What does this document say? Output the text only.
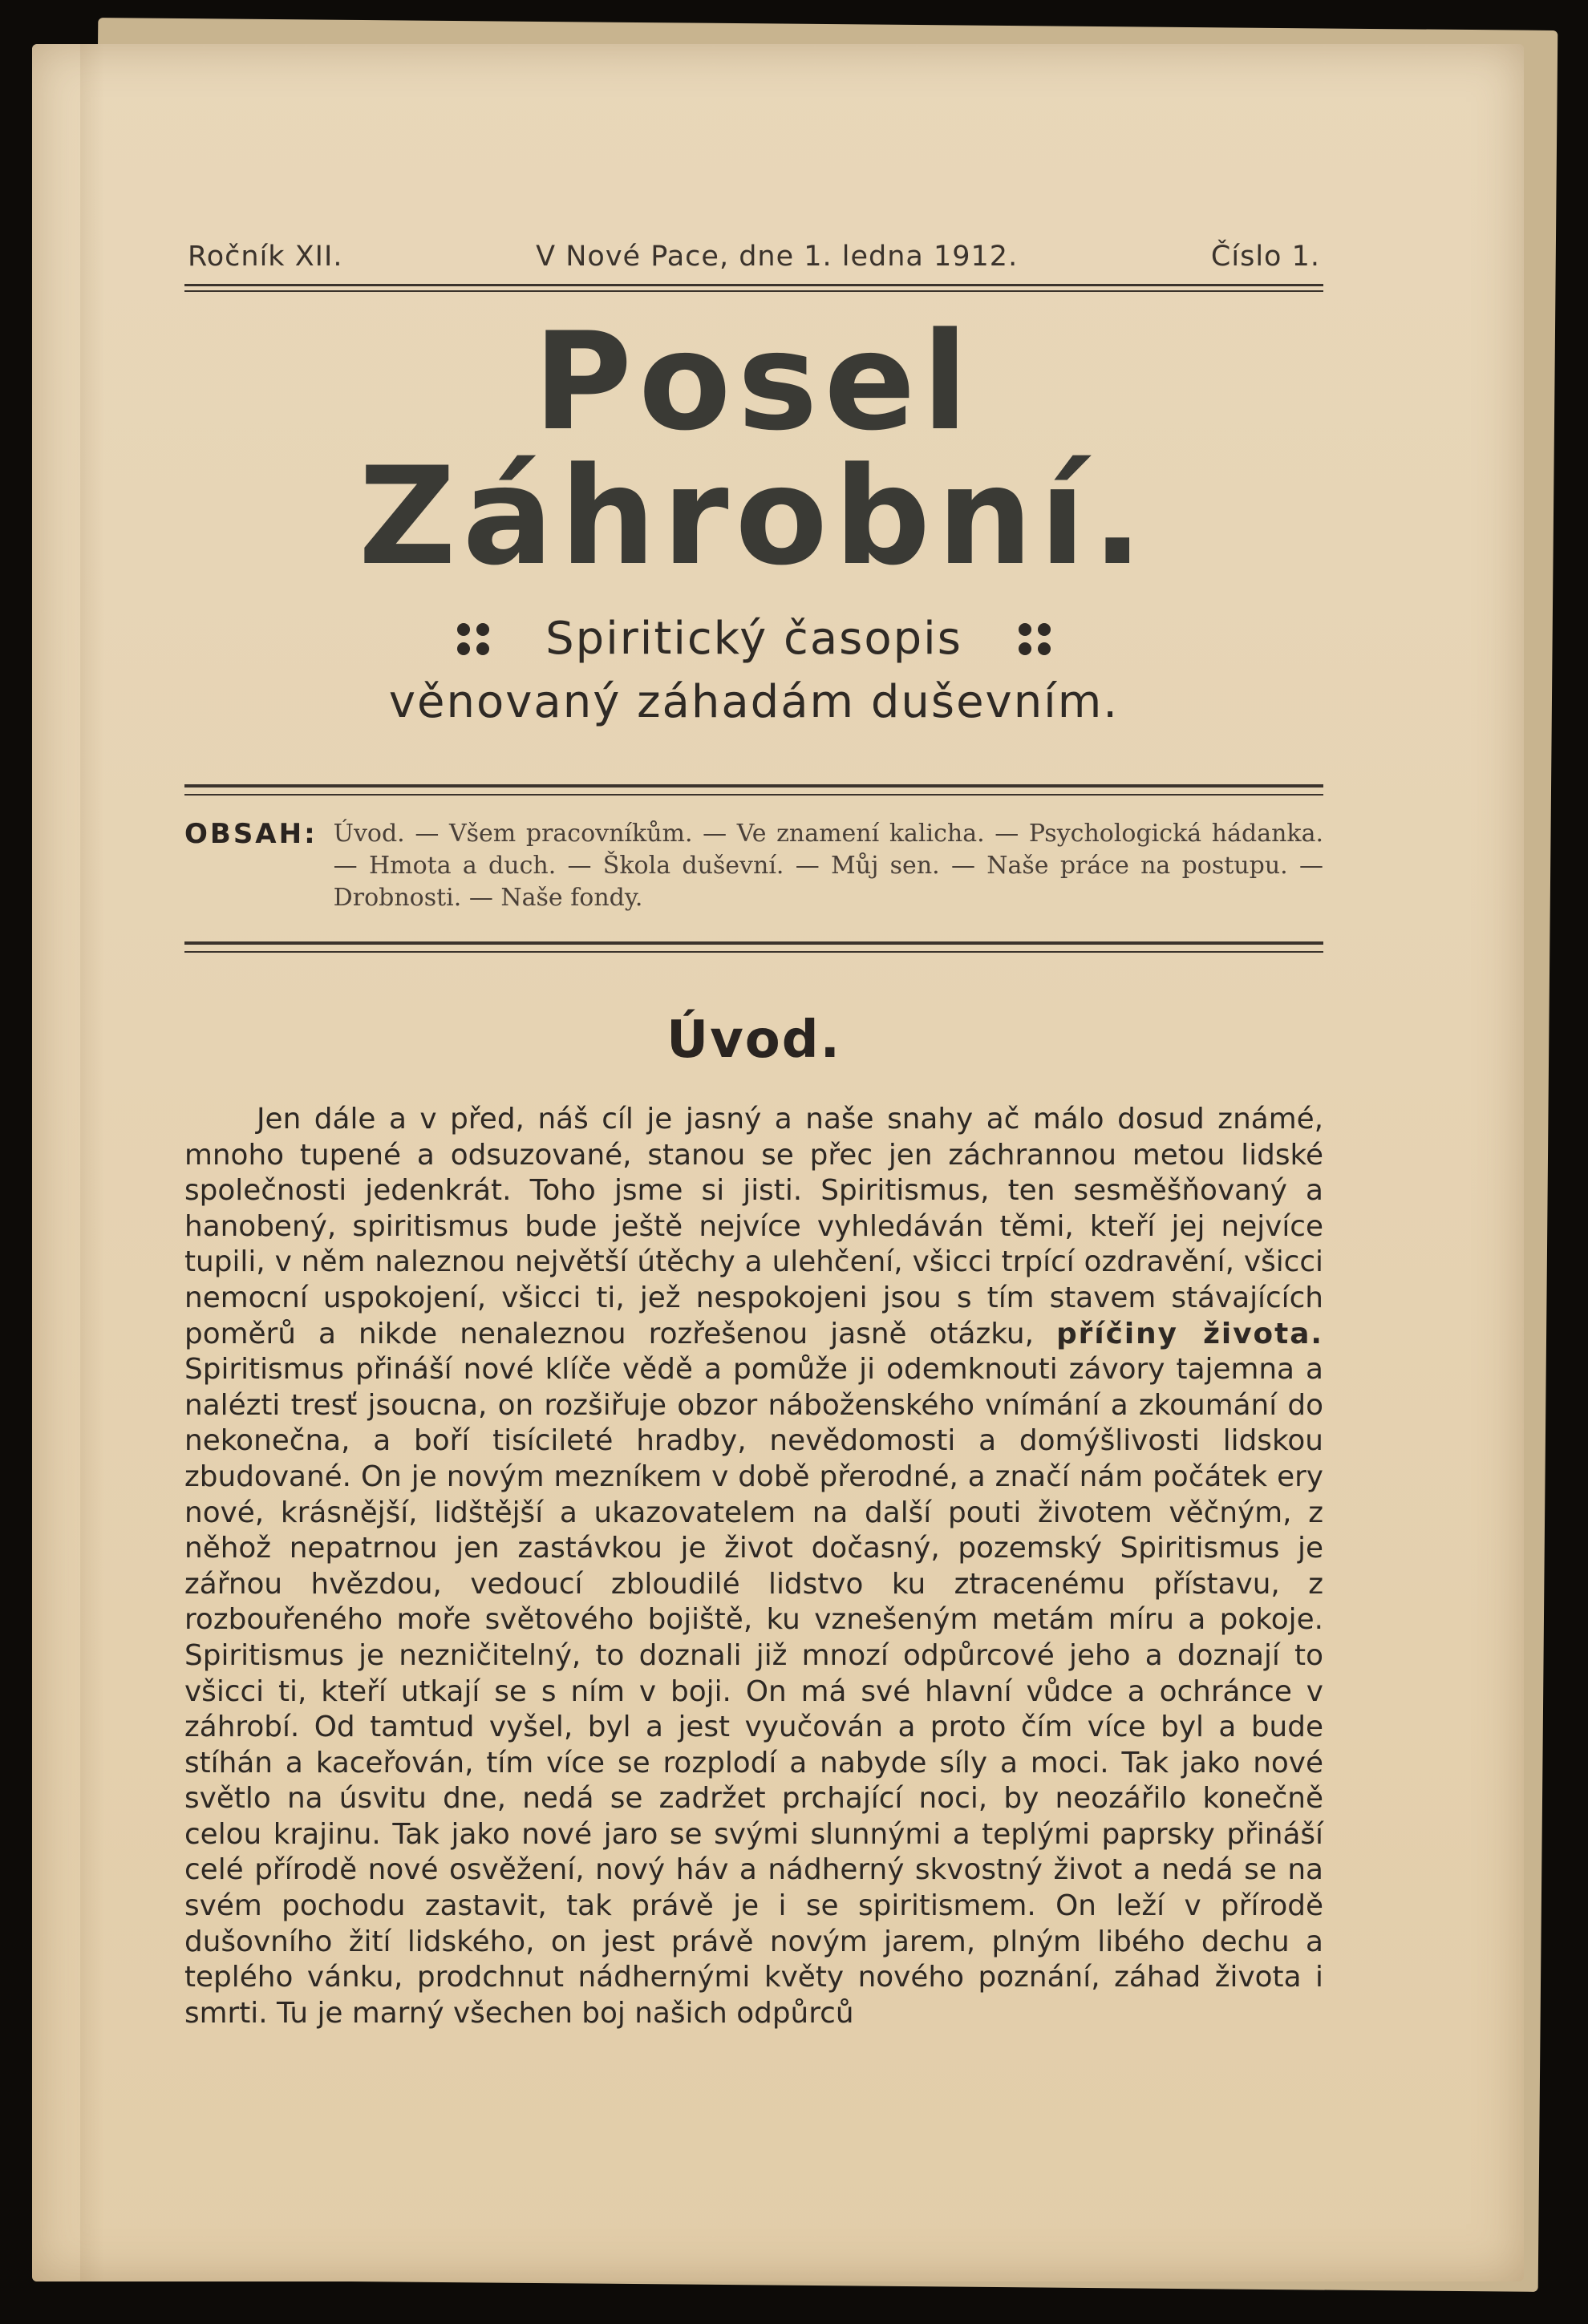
Ročník XII.	V Nové Pace, dne 1. ledna 1912.	Číslo 1.
Posel Záhrobní.
Spiritický časopis
věnovaný záhadám duševním.
OBSAH: Úvod. — Všem pracovníkům. — Ve znamení kalicha. — Psychologická hádanka. — Hmota a duch. — Škola duševní. — Můj sen. — Naše práce na postupu. — Drobnosti. — Naše fondy.
Úvod.

Jen dále a v před, náš cíl je jasný a naše snahy ač málo dosud známé, mnoho tupené a odsuzované, stanou se přec jen záchrannou metou lidské společnosti jedenkrát. Toho jsme si jisti. Spiritismus, ten sesměšňovaný a hanobený, spiritismus bude ještě nejvíce vyhledáván těmi, kteří jej nejvíce tupili, v něm naleznou největší útěchy a ulehčení, všicci trpící ozdravění, všicci nemocní uspokojení, všicci ti, jež nespokojeni jsou s tím stavem stávajících poměrů a nikde nenaleznou rozřešenou jasně otázku, příčiny života. Spiritismus přináší nové klíče vědě a pomůže ji odemknouti závory tajemna a nalézti tresť jsoucna, on rozšiřuje obzor náboženského vnímání a zkoumání do nekonečna, a boří tisícileté hradby, nevědomosti a domýšlivosti lidskou zbudované. On je novým mezníkem v době přerodné, a značí nám počátek ery nové, krásnější, lidštější a ukazovatelem na další pouti životem věčným, z něhož nepatrnou jen zastávkou je život dočasný, pozemský Spiritismus je zářnou hvězdou, vedoucí zbloudilé lidstvo ku ztracenému přístavu, z rozbouřeného moře světového bojiště, ku vznešeným metám míru a pokoje. Spiritismus je nezničitelný, to doznali již mnozí odpůrcové jeho a doznají to všicci ti, kteří utkají se s ním v boji. On má své hlavní vůdce a ochránce v záhrobí. Od tamtud vyšel, byl a jest vyučován a proto čím více byl a bude stíhán a kaceřován, tím více se rozplodí a nabyde síly a moci. Tak jako nové světlo na úsvitu dne, nedá se zadržet prchající noci, by neozářilo konečně celou krajinu. Tak jako nové jaro se svými slunnými a teplými paprsky přináší celé přírodě nové osvěžení, nový háv a nádherný skvostný život a nedá se na svém pochodu zastavit, tak právě je i se spiritismem. On leží v přírodě dušovního žití lidského, on jest právě novým jarem, plným libého dechu a teplého vánku, prodchnut nádhernými květy nového poznání, záhad života i smrti. Tu je marný všechen boj našich odpůrců
